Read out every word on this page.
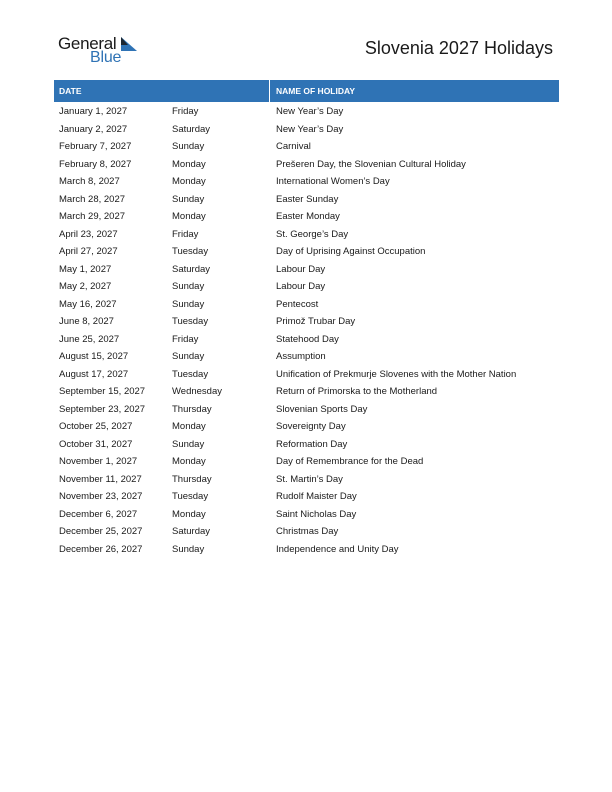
General
Blue	Slovenia 2027 Holidays
DATE	NAME OF HOLIDAY
January 1, 2027	Friday	New Year’s Day
January 2, 2027	Saturday	New Year’s Day
February 7, 2027	Sunday	Carnival
February 8, 2027	Monday	Prešeren Day, the Slovenian Cultural Holiday
March 8, 2027	Monday	International Women’s Day
March 28, 2027	Sunday	Easter Sunday
March 29, 2027	Monday	Easter Monday
April 23, 2027	Friday	St. George’s Day
April 27, 2027	Tuesday	Day of Uprising Against Occupation
May 1, 2027	Saturday	Labour Day
May 2, 2027	Sunday	Labour Day
May 16, 2027	Sunday	Pentecost
June 8, 2027	Tuesday	Primož Trubar Day
June 25, 2027	Friday	Statehood Day
August 15, 2027	Sunday	Assumption
August 17, 2027	Tuesday	Unification of Prekmurje Slovenes with the Mother Nation
September 15, 2027	Wednesday	Return of Primorska to the Motherland
September 23, 2027	Thursday	Slovenian Sports Day
October 25, 2027	Monday	Sovereignty Day
October 31, 2027	Sunday	Reformation Day
November 1, 2027	Monday	Day of Remembrance for the Dead
November 11, 2027	Thursday	St. Martin’s Day
November 23, 2027	Tuesday	Rudolf Maister Day
December 6, 2027	Monday	Saint Nicholas Day
December 25, 2027	Saturday	Christmas Day
December 26, 2027	Sunday	Independence and Unity Day
